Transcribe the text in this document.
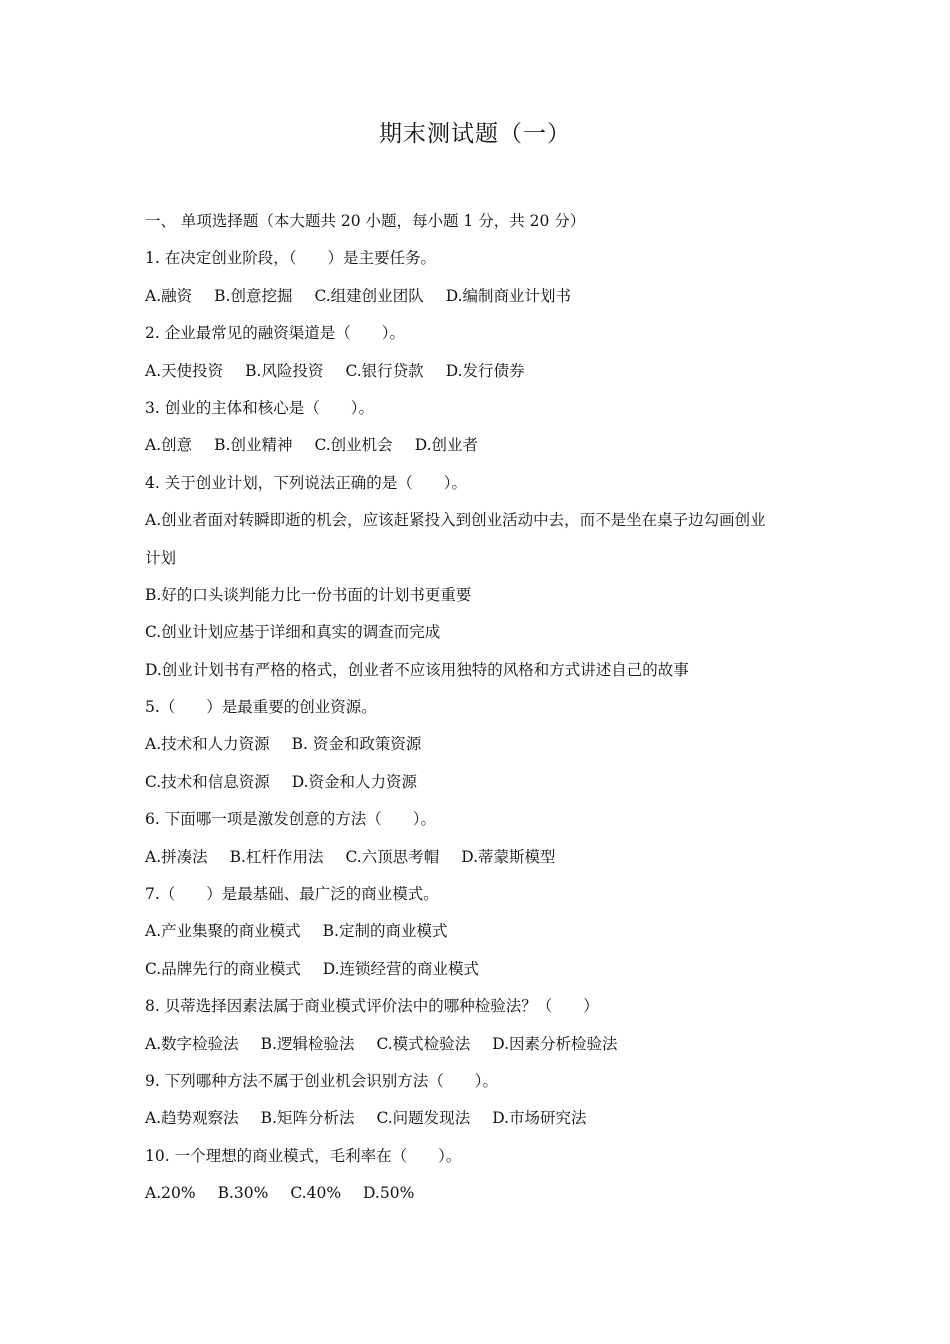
期末测试题（一）
一、 单项选择题（本大题共 20 小题，每小题 1 分，共 20 分）
1. 在决定创业阶段，（　　）是主要任务。
A.融资 B.创意挖掘 C.组建创业团队 D.编制商业计划书
2. 企业最常见的融资渠道是（　　）。
A.天使投资 B.风险投资 C.银行贷款 D.发行债券
3. 创业的主体和核心是（　　）。
A.创意 B.创业精神 C.创业机会 D.创业者
4. 关于创业计划，下列说法正确的是（　　）。
A.创业者面对转瞬即逝的机会，应该赶紧投入到创业活动中去，而不是坐在桌子边勾画创业
计划
B.好的口头谈判能力比一份书面的计划书更重要
C.创业计划应基于详细和真实的调查而完成
D.创业计划书有严格的格式，创业者不应该用独特的风格和方式讲述自己的故事
5.（　　）是最重要的创业资源。
A.技术和人力资源 B. 资金和政策资源
C.技术和信息资源 D.资金和人力资源
6. 下面哪一项是激发创意的方法（　　）。
A.拼凑法 B.杠杆作用法 C.六顶思考帽 D.蒂蒙斯模型
7.（　　）是最基础、最广泛的商业模式。
A.产业集聚的商业模式 B.定制的商业模式
C.品牌先行的商业模式 D.连锁经营的商业模式
8. 贝蒂选择因素法属于商业模式评价法中的哪种检验法？（　　）
A.数字检验法 B.逻辑检验法 C.模式检验法 D.因素分析检验法
9. 下列哪种方法不属于创业机会识别方法（　　）。
A.趋势观察法 B.矩阵分析法 C.问题发现法 D.市场研究法
10. 一个理想的商业模式，毛利率在（　　）。
A.20% B.30% C.40% D.50%
